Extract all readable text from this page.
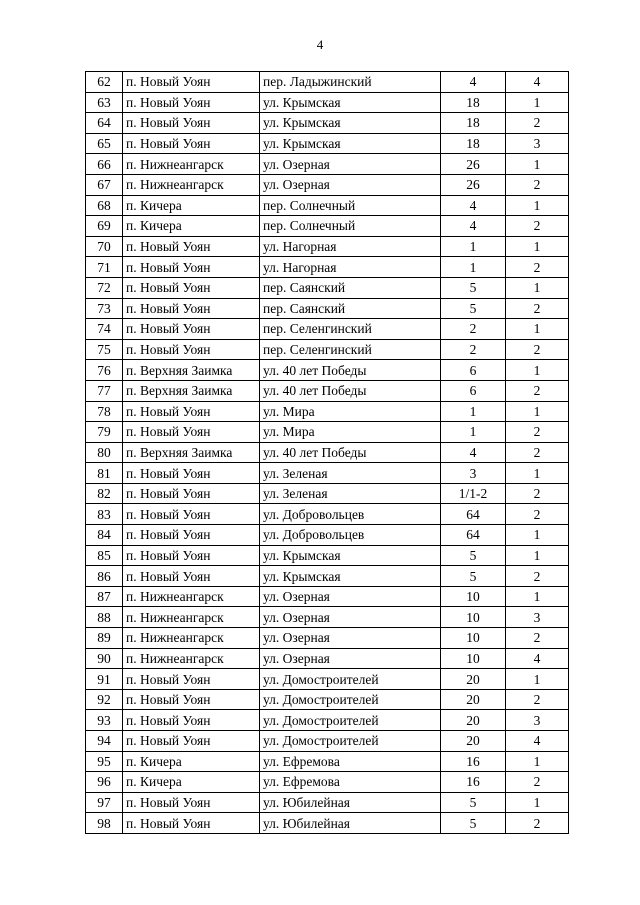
4
62	п. Новый Уоян	пер. Ладыжинский	4	4
63	п. Новый Уоян	ул. Крымская	18	1
64	п. Новый Уоян	ул. Крымская	18	2
65	п. Новый Уоян	ул. Крымская	18	3
66	п. Нижнеангарск	ул. Озерная	26	1
67	п. Нижнеангарск	ул. Озерная	26	2
68	п. Кичера	пер. Солнечный	4	1
69	п. Кичера	пер. Солнечный	4	2
70	п. Новый Уоян	ул. Нагорная	1	1
71	п. Новый Уоян	ул. Нагорная	1	2
72	п. Новый Уоян	пер. Саянский	5	1
73	п. Новый Уоян	пер. Саянский	5	2
74	п. Новый Уоян	пер. Селенгинский	2	1
75	п. Новый Уоян	пер. Селенгинский	2	2
76	п. Верхняя Заимка	ул. 40 лет Победы	6	1
77	п. Верхняя Заимка	ул. 40 лет Победы	6	2
78	п. Новый Уоян	ул. Мира	1	1
79	п. Новый Уоян	ул. Мира	1	2
80	п. Верхняя Заимка	ул. 40 лет Победы	4	2
81	п. Новый Уоян	ул. Зеленая	3	1
82	п. Новый Уоян	ул. Зеленая	1/1-2	2
83	п. Новый Уоян	ул. Добровольцев	64	2
84	п. Новый Уоян	ул. Добровольцев	64	1
85	п. Новый Уоян	ул. Крымская	5	1
86	п. Новый Уоян	ул. Крымская	5	2
87	п. Нижнеангарск	ул. Озерная	10	1
88	п. Нижнеангарск	ул. Озерная	10	3
89	п. Нижнеангарск	ул. Озерная	10	2
90	п. Нижнеангарск	ул. Озерная	10	4
91	п. Новый Уоян	ул. Домостроителей	20	1
92	п. Новый Уоян	ул. Домостроителей	20	2
93	п. Новый Уоян	ул. Домостроителей	20	3
94	п. Новый Уоян	ул. Домостроителей	20	4
95	п. Кичера	ул. Ефремова	16	1
96	п. Кичера	ул. Ефремова	16	2
97	п. Новый Уоян	ул. Юбилейная	5	1
98	п. Новый Уоян	ул. Юбилейная	5	2
